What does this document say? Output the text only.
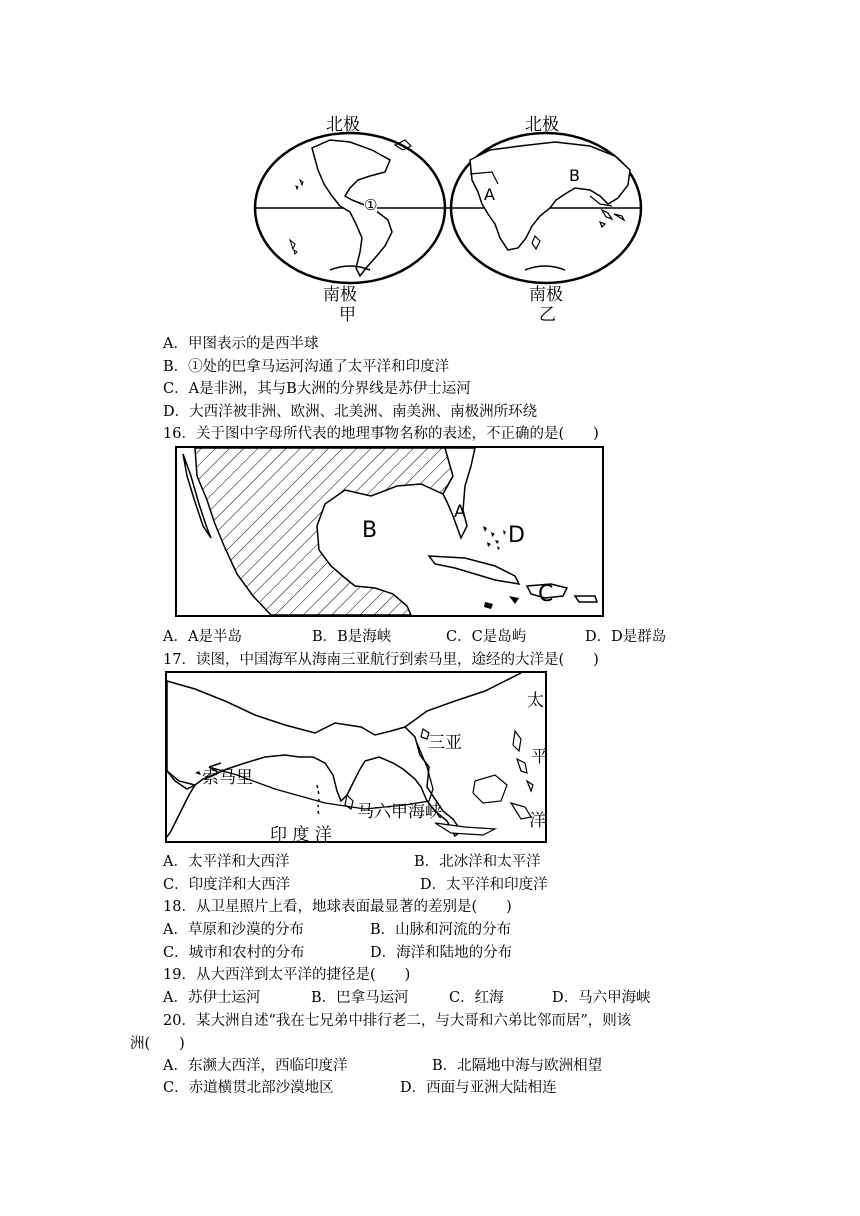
北极	北极
①
A
B
南极	南极
甲	乙
A．甲图表示的是西半球
B．①处的巴拿马运河沟通了太平洋和印度洋
C．A是非洲，其与B大洲的分界线是苏伊士运河
D．大西洋被非洲、欧洲、北美洲、南美洲、南极洲所环绕
16．关于图中字母所代表的地理事物名称的表述，不正确的是(　　)
B
A
D
C
A．A是半岛	B．B是海峡	C．C是岛屿	D．D是群岛
17．读图，中国海军从海南三亚航行到索马里，途经的大洋是(　　)
太
平
洋
三亚
索马里
马六甲海峡
印 度 洋
A．太平洋和大西洋	B．北冰洋和太平洋
C．印度洋和大西洋	D．太平洋和印度洋
18．从卫星照片上看，地球表面最显著的差别是(　　)
A．草原和沙漠的分布	B．山脉和河流的分布
C．城市和农村的分布	D．海洋和陆地的分布
19．从大西洋到太平洋的捷径是(　　)
A．苏伊士运河	B．巴拿马运河	C．红海	D．马六甲海峡
20．某大洲自述“我在七兄弟中排行老二，与大哥和六弟比邻而居”，则该
洲(　　)
A．东濒大西洋，西临印度洋	B．北隔地中海与欧洲相望
C．赤道横贯北部沙漠地区	D．西面与亚洲大陆相连
